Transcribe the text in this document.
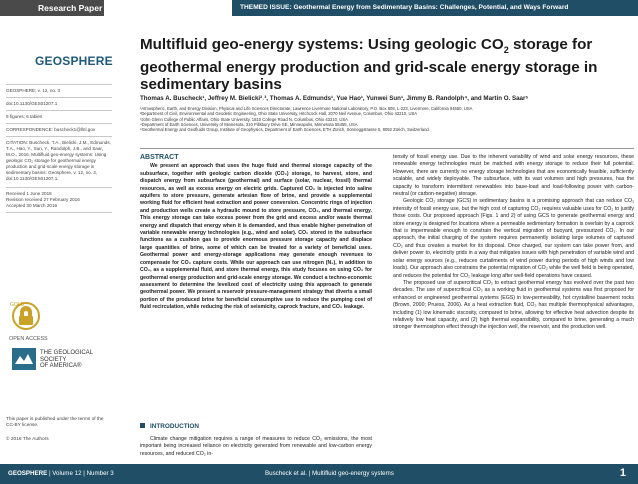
Research Paper	THEMED ISSUE: Geothermal Energy from Sedimentary Basins: Challenges, Potential, and Ways Forward
GEOSPHERE
GEOSPHERE; v. 12, no. 3
doi:10.1130/GES01207.1
9 figures; 6 tables
CORRESPONDENCE: buscheck1@llnl.gov
CITATION: Buscheck, T.A., Bielicki, J.M., Edmunds, T.A., Hao, Y., Sun, Y., Randolph, J.B., and Saar, M.O., 2016, Multifluid geo-energy systems: Using geologic CO₂ storage for geothermal energy production and grid-scale energy storage in sedimentary basins: Geosphere, v. 12, no. 3, doi:10.1130/GES01207.1.
Received 1 June 2015
Revision received 27 February 2016
Accepted 30 March 2016
GOLD
OPEN ACCESS
THE GEOLOGICAL SOCIETY
OF AMERICA®
This paper is published under the terms of the CC-BY license.
© 2016 The Authors
Multifluid geo-energy systems: Using geologic $CO_2$ storage for geothermal energy production and grid-scale energy storage in sedimentary basins
Thomas A. Buscheck¹, Jeffrey M. Bielicki²˒³, Thomas A. Edmunds¹, Yue Hao¹, Yunwei Sun¹, Jimmy B. Randolph⁴, and Martin O. Saar⁵
¹Atmospheric, Earth, and Energy Division, Physical and Life Sciences Directorate, Lawrence Livermore National Laboratory, P.O. Box 808, L-223, Livermore, California 94550, USA
²Department of Civil, Environmental and Geodetic Engineering, Ohio State University, Hitchcock Hall, 2070 Neil Avenue, Columbus, Ohio 43210, USA
³John Glenn College of Public Affairs, Ohio State University, 1810 College Road N, Columbus, Ohio 43210, USA
⁴Department of Earth Sciences, University of Minnesota, 310 Pillsbury Drive SE, Minneapolis, Minnesota 55455, USA
⁵Geothermal Energy and Geofluids Group, Institute of Geophysics, Department of Earth Sciences, ETH Zürich, Sonneggstrasse 5, 8092 Zürich, Switzerland
ABSTRACT

We present an approach that uses the huge fluid and thermal storage capacity of the subsurface, together with geologic carbon dioxide (CO₂) storage, to harvest, store, and dispatch energy from subsurface (geothermal) and surface (solar, nuclear, fossil) thermal resources, as well as excess energy on electric grids. Captured CO₂ is injected into saline aquifers to store pressure, generate artesian flow of brine, and provide a supplemental working fluid for efficient heat extraction and power conversion. Concentric rings of injection and production wells create a hydraulic mound to store pressure, CO₂, and thermal energy. This energy storage can take excess power from the grid and excess and/or waste thermal energy and dispatch that energy when it is demanded, and thus enable higher penetration of variable renewable energy technologies (e.g., wind and solar). CO₂ stored in the subsurface functions as a cushion gas to provide enormous pressure storage capacity and displace large quantities of brine, some of which can be treated for a variety of beneficial uses. Geothermal power and energy-storage applications may generate enough revenues to compensate for CO₂ capture costs. While our approach can use nitrogen (N₂), in addition to CO₂, as a supplemental fluid, and store thermal energy, this study focuses on using CO₂ for geothermal energy production and grid-scale energy storage. We conduct a techno-economic assessment to determine the levelized cost of electricity using this approach to generate geothermal power. We present a reservoir pressure-management strategy that diverts a small portion of the produced brine for beneficial consumptive use to reduce the pumping cost of fluid recirculation, while reducing the risk of seismicity, caprock fracture, and CO₂ leakage.

INTRODUCTION

Climate change mitigation requires a range of measures to reduce CO₂ emissions, the most important being increased reliance on electricity generated from renewable and low-carbon energy resources, and reduced CO₂ in-

tensity of fossil energy use. Due to the inherent variability of wind and solar energy resources, these renewable energy technologies must be matched with energy storage to reduce their full potential. However, there are currently no energy storage technologies that are economically feasible, sufficiently scalable, and widely deployable. The subsurface, with its vast volumes and high pressures, has the capacity to transform intermittent renewables into base-load and load-following power with carbon-neutral (or carbon-negative) storage.

Geologic CO₂ storage (GCS) in sedimentary basins is a promising approach that can reduce CO₂ intensity of fossil energy use, but the high cost of capturing CO₂ requires valuable uses for CO₂ to justify those costs. Our proposed approach (Figs. 1 and 2) of using GCS to generate geothermal energy and store energy is designed for locations where a permeable sedimentary formation is overlain by a caprock that is impermeable enough to constrain the vertical migration of buoyant, pressurized CO₂. In our approach, the initial charging of the system requires permanently isolating large volumes of captured CO₂ and thus creates a market for its disposal. Once charged, our system can take power from, and deliver power to, electricity grids in a way that mitigates issues with high penetration of variable wind and solar energy sources (e.g., reduces curtailments of wind power during periods of high winds and low loads). Our approach also constrains the potential migration of CO₂ while the well field is being operated, and reduces the potential for CO₂ leakage long after well-field operations have ceased.

The proposed use of supercritical CO₂ to extract geothermal energy has evolved over the past two decades. The use of supercritical CO₂ as a working fluid in geothermal systems was first proposed for enhanced or engineered geothermal systems (EGS) in low-permeability, hot crystalline basement rocks (Brown, 2000; Pruess, 2006). As a heat extraction fluid, CO₂ has multiple thermophysical advantages, including (1) low kinematic viscosity, compared to brine, allowing for effective heat advection despite its relatively low heat capacity, and (2) high thermal expansibility, compared to brine, generating a much stronger thermosiphon effect through the injection well, the reservoir, and the production well.

GEOSPHERE | Volume 12 | Number 3	Buscheck et al. | Multifluid geo-energy systems	1
